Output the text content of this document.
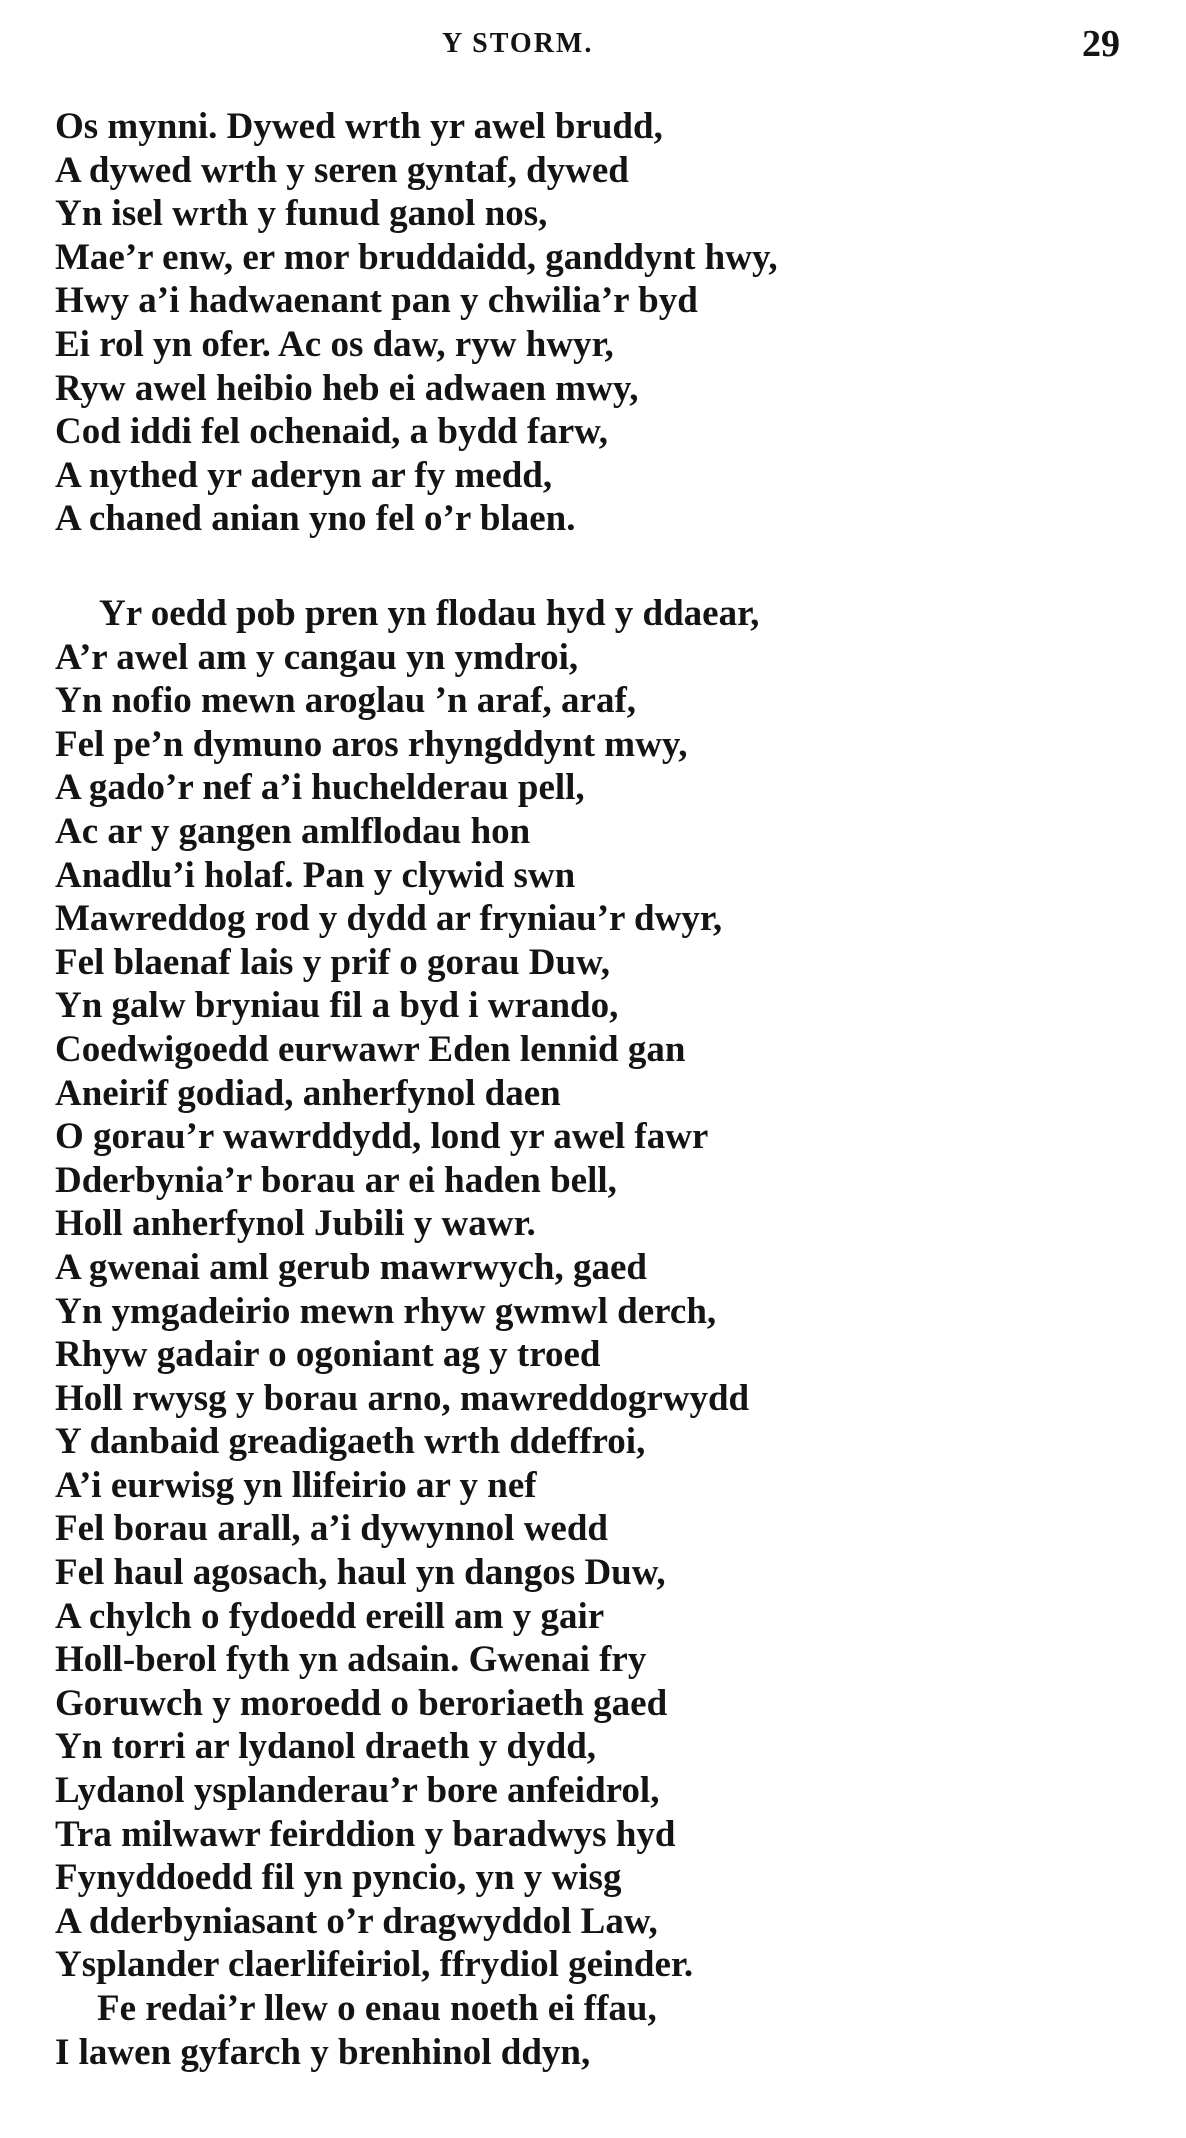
Y STORM.	29
Os mynni. Dywed wrth yr awel brudd,
A dywed wrth y seren gyntaf, dywed
Yn isel wrth y funud ganol nos,
Mae’r enw, er mor bruddaidd, ganddynt hwy,
Hwy a’i hadwaenant pan y chwilia’r byd
Ei rol yn ofer. Ac os daw, ryw hwyr,
Ryw awel heibio heb ei adwaen mwy,
Cod iddi fel ochenaid, a bydd farw,
A nythed yr aderyn ar fy medd,
A chaned anian yno fel o’r blaen.
Yr oedd pob pren yn flodau hyd y ddaear,
A’r awel am y cangau yn ymdroi,
Yn nofio mewn aroglau ’n araf, araf,
Fel pe’n dymuno aros rhyngddynt mwy,
A gado’r nef a’i huchelderau pell,
Ac ar y gangen amlflodau hon
Anadlu’i holaf. Pan y clywid swn
Mawreddog rod y dydd ar fryniau’r dwyr,
Fel blaenaf lais y prif o gorau Duw,
Yn galw bryniau fil a byd i wrando,
Coedwigoedd eurwawr Eden lennid gan
Aneirif godiad, anherfynol daen
O gorau’r wawrddydd, lond yr awel fawr
Dderbynia’r borau ar ei haden bell,
Holl anherfynol Jubili y wawr.
A gwenai aml gerub mawrwych, gaed
Yn ymgadeirio mewn rhyw gwmwl derch,
Rhyw gadair o ogoniant ag y troed
Holl rwysg y borau arno, mawreddogrwydd
Y danbaid greadigaeth wrth ddeffroi,
A’i eurwisg yn llifeirio ar y nef
Fel borau arall, a’i dywynnol wedd
Fel haul agosach, haul yn dangos Duw,
A chylch o fydoedd ereill am y gair
Holl-berol fyth yn adsain. Gwenai fry
Goruwch y moroedd o beroriaeth gaed
Yn torri ar lydanol draeth y dydd,
Lydanol ysplanderau’r bore anfeidrol,
Tra milwawr feirddion y baradwys hyd
Fynyddoedd fil yn pyncio, yn y wisg
A dderbyniasant o’r dragwyddol Law,
Ysplander claerlifeiriol, ffrydiol geinder.
Fe redai’r llew o enau noeth ei ffau,
I lawen gyfarch y brenhinol ddyn,
